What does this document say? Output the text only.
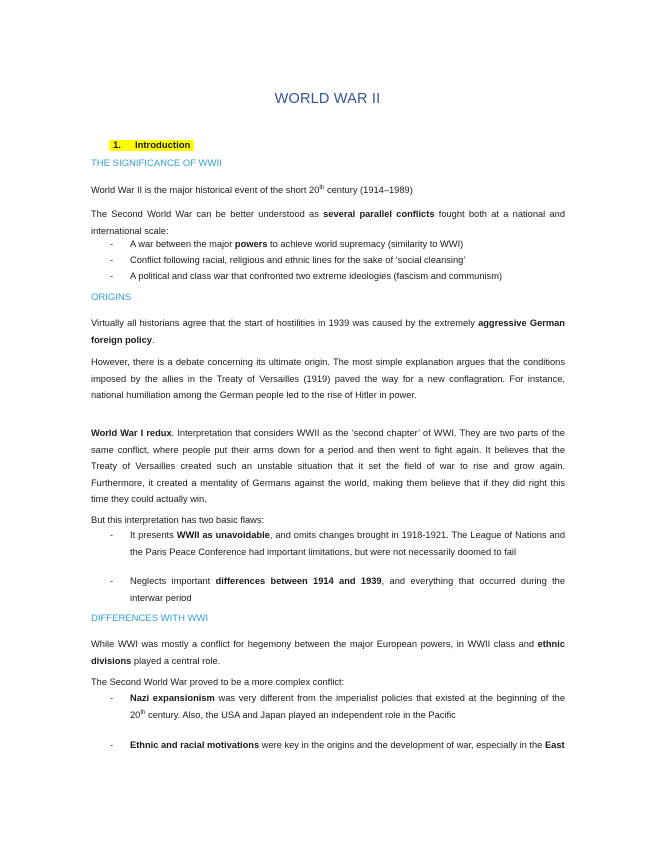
WORLD WAR II
1. Introduction
THE SIGNIFICANCE OF WWII
World War II is the major historical event of the short 20th century (1914–1989)
The Second World War can be better understood as several parallel conflicts fought both at a national and international scale:
- A war between the major powers to achieve world supremacy (similarity to WWI)
- Conflict following racial, religious and ethnic lines for the sake of ‘social cleansing’
- A political and class war that confronted two extreme ideologies (fascism and communism)
ORIGINS
Virtually all historians agree that the start of hostilities in 1939 was caused by the extremely aggressive German foreign policy.
However, there is a debate concerning its ultimate origin. The most simple explanation argues that the conditions imposed by the allies in the Treaty of Versailles (1919) paved the way for a new conflagration. For instance, national humiliation among the German people led to the rise of Hitler in power.
World War I redux. Interpretation that considers WWII as the ‘second chapter’ of WWI. They are two parts of the same conflict, where people put their arms down for a period and then went to fight again. It believes that the Treaty of Versailles created such an unstable situation that it set the field of war to rise and grow again. Furthermore, it created a mentality of Germans against the world, making them believe that if they did right this time they could actually win.
But this interpretation has two basic flaws:
- It presents WWII as unavoidable, and omits changes brought in 1918-1921. The League of Nations and the Paris Peace Conference had important limitations, but were not necessarily doomed to fail
- Neglects important differences between 1914 and 1939, and everything that occurred during the interwar period
DIFFERENCES WITH WWI
While WWI was mostly a conflict for hegemony between the major European powers, in WWII class and ethnic divisions played a central role.
The Second World War proved to be a more complex conflict:
- Nazi expansionism was very different from the imperialist policies that existed at the beginning of the 20th century. Also, the USA and Japan played an independent role in the Pacific
- Ethnic and racial motivations were key in the origins and the development of war, especially in the East
